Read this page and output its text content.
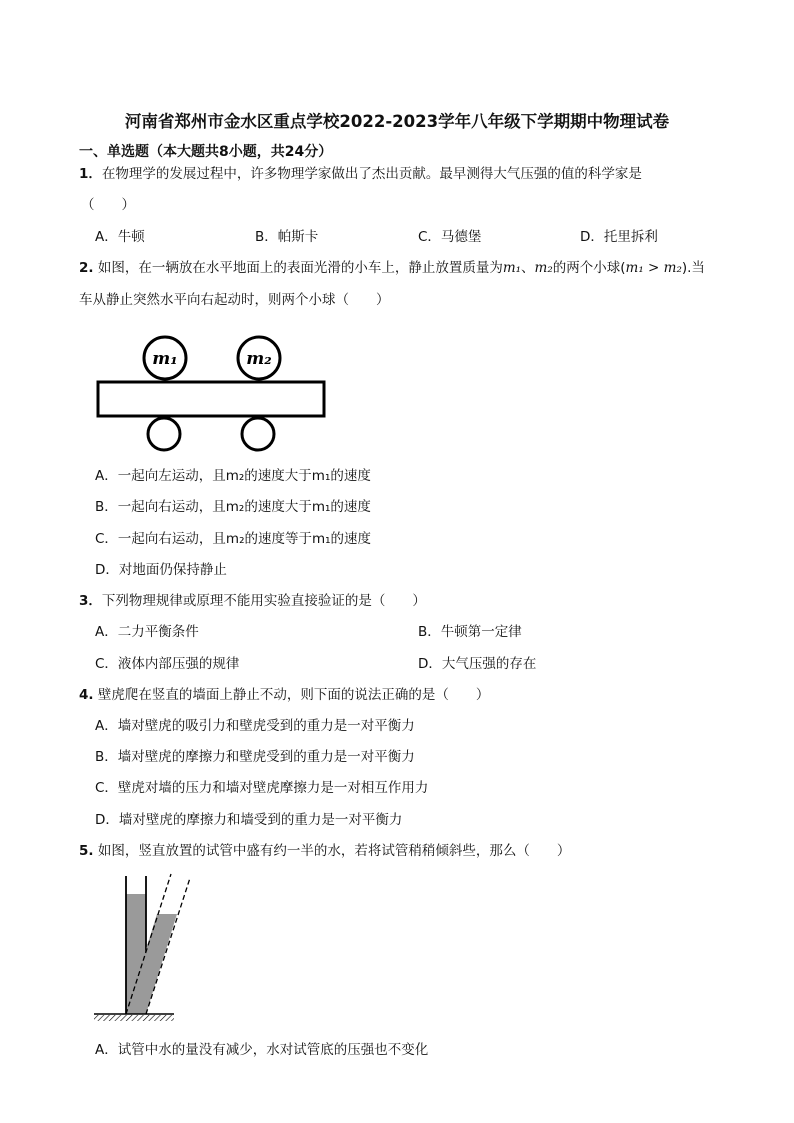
河南省郑州市金水区重点学校2022-2023学年八年级下学期期中物理试卷
一、单选题（本大题共8小题，共24分）
1．在物理学的发展过程中，许多物理学家做出了杰出贡献。最早测得大气压强的值的科学家是
（　　）
A．牛顿	B．帕斯卡	C．马德堡	D．托里拆利
2. 如图，在一辆放在水平地面上的表面光滑的小车上，静止放置质量为m₁、m₂的两个小球(m₁ > m₂).当
车从静止突然水平向右起动时，则两个小球（　　）
m₁	m₂
A．一起向左运动，且m₂的速度大于m₁的速度
B．一起向右运动，且m₂的速度大于m₁的速度
C．一起向右运动，且m₂的速度等于m₁的速度
D．对地面仍保持静止
3．下列物理规律或原理不能用实验直接验证的是（　　）
A．二力平衡条件	B．牛顿第一定律
C．液体内部压强的规律	D．大气压强的存在
4. 壁虎爬在竖直的墙面上静止不动，则下面的说法正确的是（　　）
A．墙对壁虎的吸引力和壁虎受到的重力是一对平衡力
B．墙对壁虎的摩擦力和壁虎受到的重力是一对平衡力
C．壁虎对墙的压力和墙对壁虎摩擦力是一对相互作用力
D．墙对壁虎的摩擦力和墙受到的重力是一对平衡力
5. 如图，竖直放置的试管中盛有约一半的水，若将试管稍稍倾斜些，那么（　　）
A．试管中水的量没有减少，水对试管底的压强也不变化
